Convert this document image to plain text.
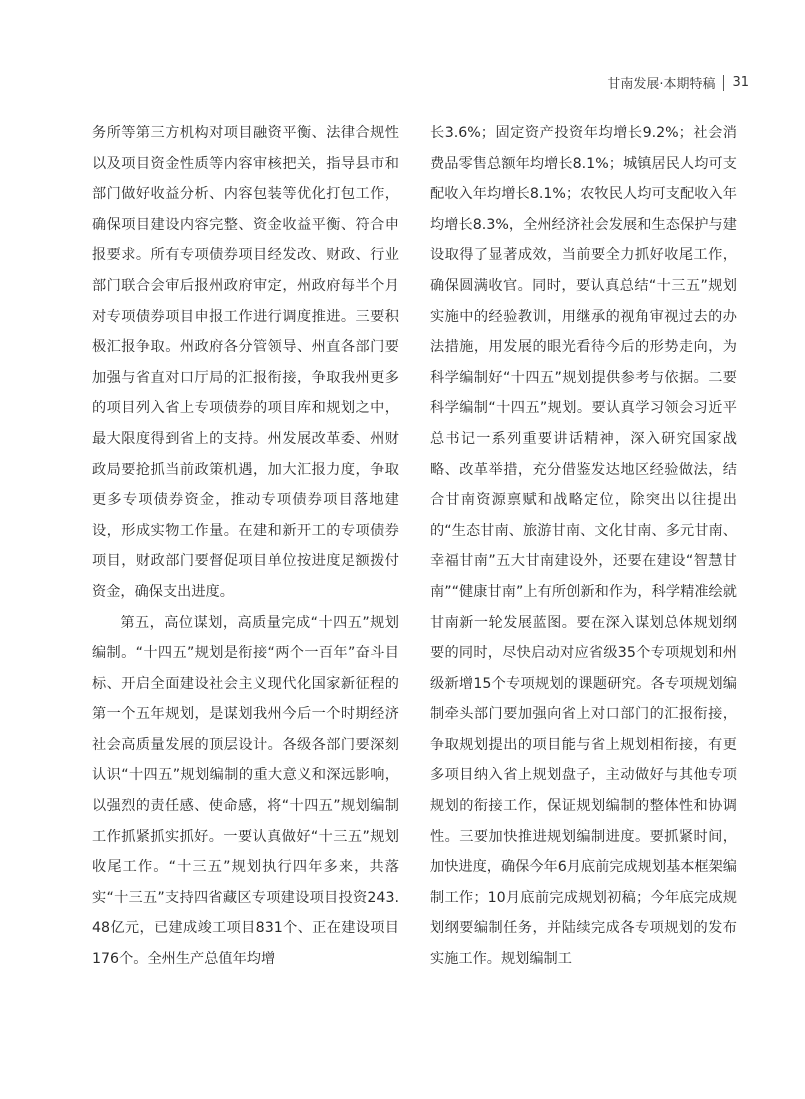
甘南发展·本期特稿 31

务所等第三方机构对项目融资平衡、法律合规性以及项目资金性质等内容审核把关，指导县市和部门做好收益分析、内容包装等优化打包工作，确保项目建设内容完整、资金收益平衡、符合申报要求。所有专项债券项目经发改、财政、行业部门联合会审后报州政府审定，州政府每半个月对专项债券项目申报工作进行调度推进。三要积极汇报争取。州政府各分管领导、州直各部门要加强与省直对口厅局的汇报衔接，争取我州更多的项目列入省上专项债券的项目库和规划之中，最大限度得到省上的支持。州发展改革委、州财政局要抢抓当前政策机遇，加大汇报力度，争取更多专项债券资金，推动专项债券项目落地建设，形成实物工作量。在建和新开工的专项债券项目，财政部门要督促项目单位按进度足额拨付资金，确保支出进度。

第五，高位谋划，高质量完成“十四五”规划编制。“十四五”规划是衔接“两个一百年”奋斗目标、开启全面建设社会主义现代化国家新征程的第一个五年规划，是谋划我州今后一个时期经济社会高质量发展的顶层设计。各级各部门要深刻认识“十四五”规划编制的重大意义和深远影响，以强烈的责任感、使命感，将“十四五”规划编制工作抓紧抓实抓好。一要认真做好“十三五”规划收尾工作。“十三五”规划执行四年多来，共落实“十三五”支持四省藏区专项建设项目投资243.48亿元，已建成竣工项目831个、正在建设项目176个。全州生产总值年均增

长3.6%；固定资产投资年均增长9.2%；社会消费品零售总额年均增长8.1%；城镇居民人均可支配收入年均增长8.1%；农牧民人均可支配收入年均增长8.3%，全州经济社会发展和生态保护与建设取得了显著成效，当前要全力抓好收尾工作，确保圆满收官。同时，要认真总结“十三五”规划实施中的经验教训，用继承的视角审视过去的办法措施，用发展的眼光看待今后的形势走向，为科学编制好“十四五”规划提供参考与依据。二要科学编制“十四五”规划。要认真学习领会习近平总书记一系列重要讲话精神，深入研究国家战略、改革举措，充分借鉴发达地区经验做法，结合甘南资源禀赋和战略定位，除突出以往提出的“生态甘南、旅游甘南、文化甘南、多元甘南、幸福甘南”五大甘南建设外，还要在建设“智慧甘南”“健康甘南”上有所创新和作为，科学精准绘就甘南新一轮发展蓝图。要在深入谋划总体规划纲要的同时，尽快启动对应省级35个专项规划和州级新增15个专项规划的课题研究。各专项规划编制牵头部门要加强向省上对口部门的汇报衔接，争取规划提出的项目能与省上规划相衔接，有更多项目纳入省上规划盘子，主动做好与其他专项规划的衔接工作，保证规划编制的整体性和协调性。三要加快推进规划编制进度。要抓紧时间，加快进度，确保今年6月底前完成规划基本框架编制工作；10月底前完成规划初稿；今年底完成规划纲要编制任务，并陆续完成各专项规划的发布实施工作。规划编制工
